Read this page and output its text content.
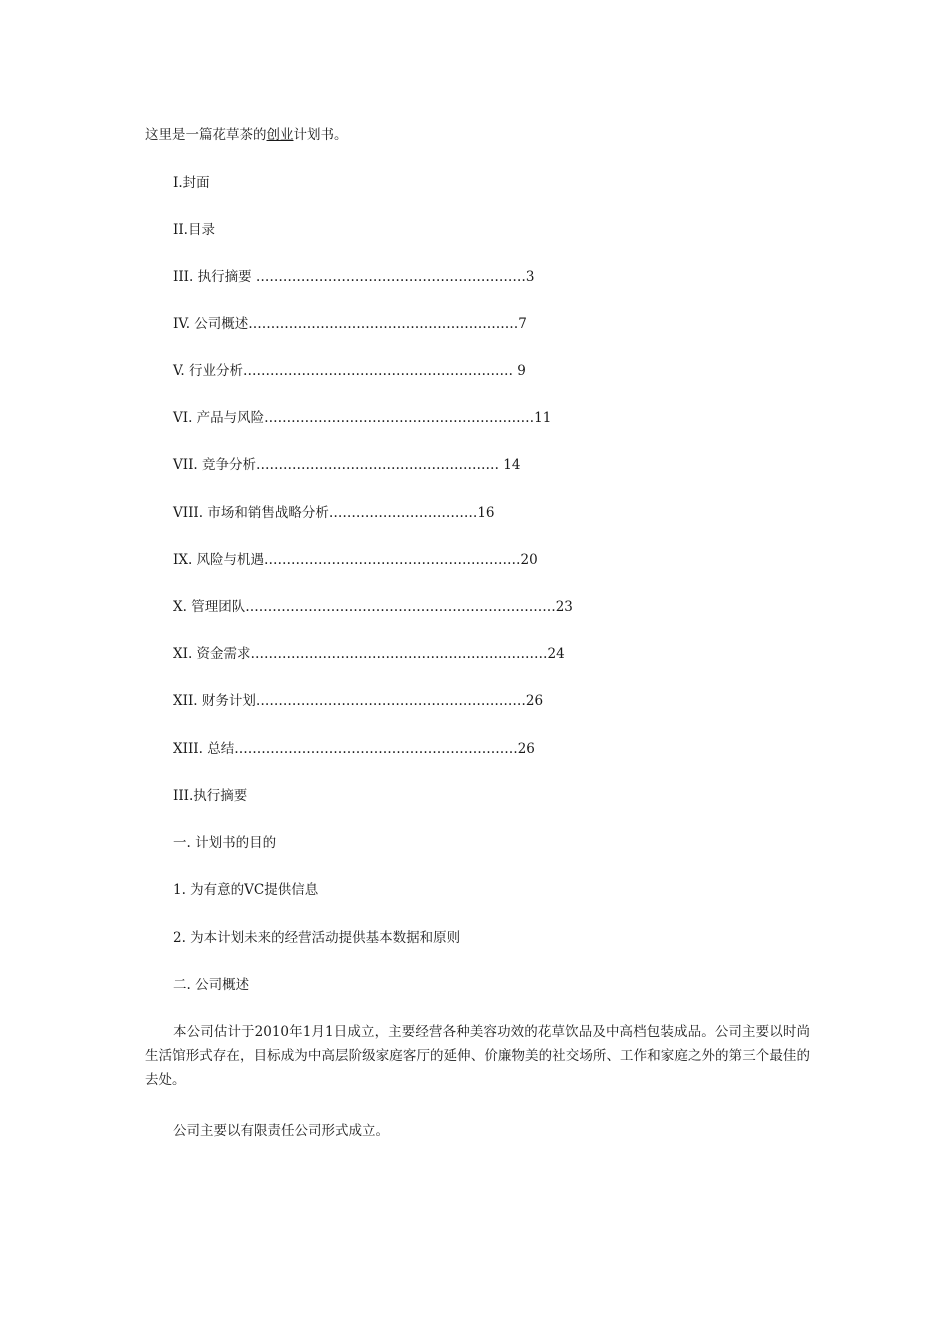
这里是一篇花草茶的创业计划书。
I.封面
II.目录
III. 执行摘要 ……………………………………………………3
IV. 公司概述……………………………………………………7
V. 行业分析…………………………………………………… 9
VI. 产品与风险……………………………………………………11
VII. 竞争分析……………………………………………… 14
VIII. 市场和销售战略分析……………………………16
IX. 风险与机遇…………………………………………………20
X. 管理团队……………………………………………………………23
XI. 资金需求…………………………………………………………24
XII. 财务计划……………………………………………………26
XIII. 总结………………………………………………………26
III.执行摘要
一. 计划书的目的
1. 为有意的VC提供信息
2. 为本计划未来的经营活动提供基本数据和原则
二. 公司概述
本公司估计于2010年1月1日成立，主要经营各种美容功效的花草饮品及中高档包装成品。公司主要以时尚生活馆形式存在，目标成为中高层阶级家庭客厅的延伸、价廉物美的社交场所、工作和家庭之外的第三个最佳的去处。
公司主要以有限责任公司形式成立。
